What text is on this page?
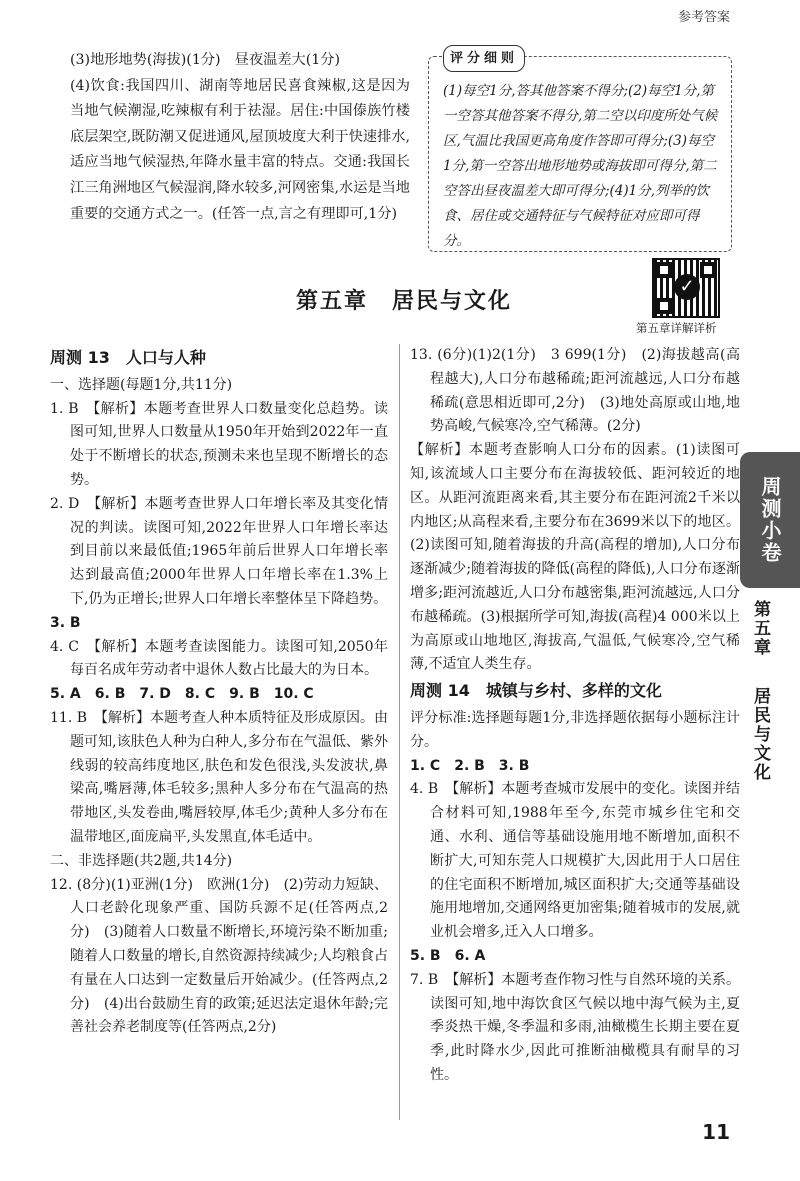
参考答案

(3)地形地势(海拔)(1分)　昼夜温差大(1分)

(4)饮食:我国四川、湖南等地居民喜食辣椒,这是因为当地气候潮湿,吃辣椒有利于祛湿。居住:中国傣族竹楼底层架空,既防潮又促进通风,屋顶坡度大利于快速排水,适应当地气候湿热,年降水量丰富的特点。交通:我国长江三角洲地区气候湿润,降水较多,河网密集,水运是当地重要的交通方式之一。(任答一点,言之有理即可,1分)

评分细则
(1)每空1分,答其他答案不得分;(2)每空1分,第一空答其他答案不得分,第二空以印度所处气候区,气温比我国更高角度作答即可得分;(3)每空1分,第一空答出地形地势或海拔即可得分,第二空答出昼夜温差大即可得分;(4)1分,列举的饮食、居住或交通特征与气候特征对应即可得分。
第五章　居民与文化
✓
第五章详解详析

周测 13　人口与人种

一、选择题(每题1分,共11分)

1. B　【解析】本题考查世界人口数量变化总趋势。读图可知,世界人口数量从1950年开始到2022年一直处于不断增长的状态,预测未来也呈现不断增长的态势。

2. D　【解析】本题考查世界人口年增长率及其变化情况的判读。读图可知,2022年世界人口年增长率达到目前以来最低值;1965年前后世界人口年增长率达到最高值;2000年世界人口年增长率在1.3%上下,仍为正增长;世界人口年增长率整体呈下降趋势。

3. B

4. C　【解析】本题考查读图能力。读图可知,2050年每百名成年劳动者中退休人数占比最大的为日本。

5. A　6. B　7. D　8. C　9. B　10. C

11. B　【解析】本题考查人种本质特征及形成原因。由题可知,该肤色人种为白种人,多分布在气温低、紫外线弱的较高纬度地区,肤色和发色很浅,头发波状,鼻梁高,嘴唇薄,体毛较多;黑种人多分布在气温高的热带地区,头发卷曲,嘴唇较厚,体毛少;黄种人多分布在温带地区,面庞扁平,头发黑直,体毛适中。

二、非选择题(共2题,共14分)

12. (8分)(1)亚洲(1分)　欧洲(1分)　(2)劳动力短缺、人口老龄化现象严重、国防兵源不足(任答两点,2分)　(3)随着人口数量不断增长,环境污染不断加重;随着人口数量的增长,自然资源持续减少;人均粮食占有量在人口达到一定数量后开始减少。(任答两点,2分)　(4)出台鼓励生育的政策;延迟法定退休年龄;完善社会养老制度等(任答两点,2分)

13. (6分)(1)2(1分)　3 699(1分)　(2)海拔越高(高程越大),人口分布越稀疏;距河流越远,人口分布越稀疏(意思相近即可,2分)　(3)地处高原或山地,地势高峻,气候寒冷,空气稀薄。(2分)

【解析】本题考查影响人口分布的因素。(1)读图可知,该流域人口主要分布在海拔较低、距河较近的地区。从距河流距离来看,其主要分布在距河流2千米以内地区;从高程来看,主要分布在3699米以下的地区。(2)读图可知,随着海拔的升高(高程的增加),人口分布逐渐减少;随着海拔的降低(高程的降低),人口分布逐渐增多;距河流越近,人口分布越密集,距河流越远,人口分布越稀疏。(3)根据所学可知,海拔(高程)4 000米以上为高原或山地地区,海拔高,气温低,气候寒冷,空气稀薄,不适宜人类生存。

周测 14　城镇与乡村、多样的文化

评分标准:选择题每题1分,非选择题依据每小题标注计分。

1. C　2. B　3. B

4. B　【解析】本题考查城市发展中的变化。读图并结合材料可知,1988年至今,东莞市城乡住宅和交通、水利、通信等基础设施用地不断增加,面积不断扩大,可知东莞人口规模扩大,因此用于人口居住的住宅面积不断增加,城区面积扩大;交通等基础设施用地增加,交通网络更加密集;随着城市的发展,就业机会增多,迁入人口增多。

5. B　6. A

7. B　【解析】本题考查作物习性与自然环境的关系。读图可知,地中海饮食区气候以地中海气候为主,夏季炎热干燥,冬季温和多雨,油橄榄生长期主要在夏季,此时降水少,因此可推断油橄榄具有耐旱的习性。

周测小卷
第五章  居民与文化
11
